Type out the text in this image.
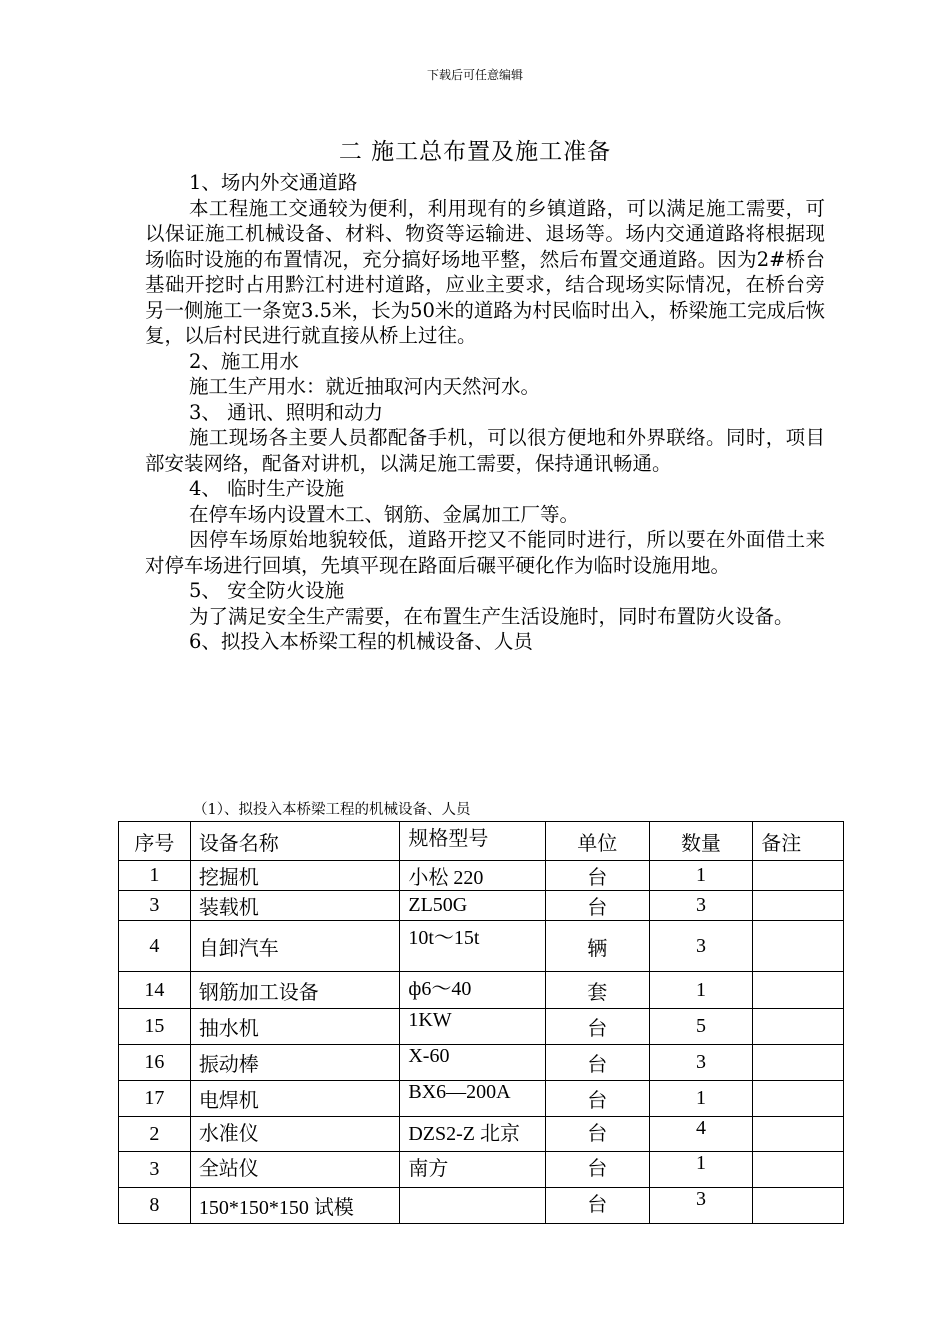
下载后可任意编辑
二 施工总布置及施工准备

1、场内外交通道路

本工程施工交通较为便利，利用现有的乡镇道路，可以满足施工需要，可以保证施工机械设备、材料、物资等运输进、退场等。场内交通道路将根据现场临时设施的布置情况，充分搞好场地平整，然后布置交通道路。因为2#桥台基础开挖时占用黔江村进村道路，应业主要求，结合现场实际情况，在桥台旁另一侧施工一条宽3.5米，长为50米的道路为村民临时出入，桥梁施工完成后恢复，以后村民进行就直接从桥上过往。

2、施工用水

施工生产用水：就近抽取河内天然河水。

3、 通讯、照明和动力

施工现场各主要人员都配备手机，可以很方便地和外界联络。同时，项目部安装网络，配备对讲机，以满足施工需要，保持通讯畅通。

4、 临时生产设施

在停车场内设置木工、钢筋、金属加工厂等。

因停车场原始地貌较低，道路开挖又不能同时进行，所以要在外面借土来对停车场进行回填，先填平现在路面后碾平硬化作为临时设施用地。

5、 安全防火设施

为了满足安全生产需要，在布置生产生活设施时，同时布置防火设备。

6、拟投入本桥梁工程的机械设备、人员

（1）、拟投入本桥梁工程的机械设备、人员
序号	设备名称	规格型号	单位	数量	备注
1	挖掘机	小松 220	台	1	
3	装载机	ZL50G	台	3	
4	自卸汽车	10t～15t	辆	3	
14	钢筋加工设备	ф6～40	套	1	
15	抽水机	1KW	台	5	
16	振动棒	X-60	台	3	
17	电焊机	BX6—200A	台	1	
2	水准仪	DZS2-Z 北京	台	4	
3	全站仪	南方	台	1	
8	150*150*150 试模		台	3	
